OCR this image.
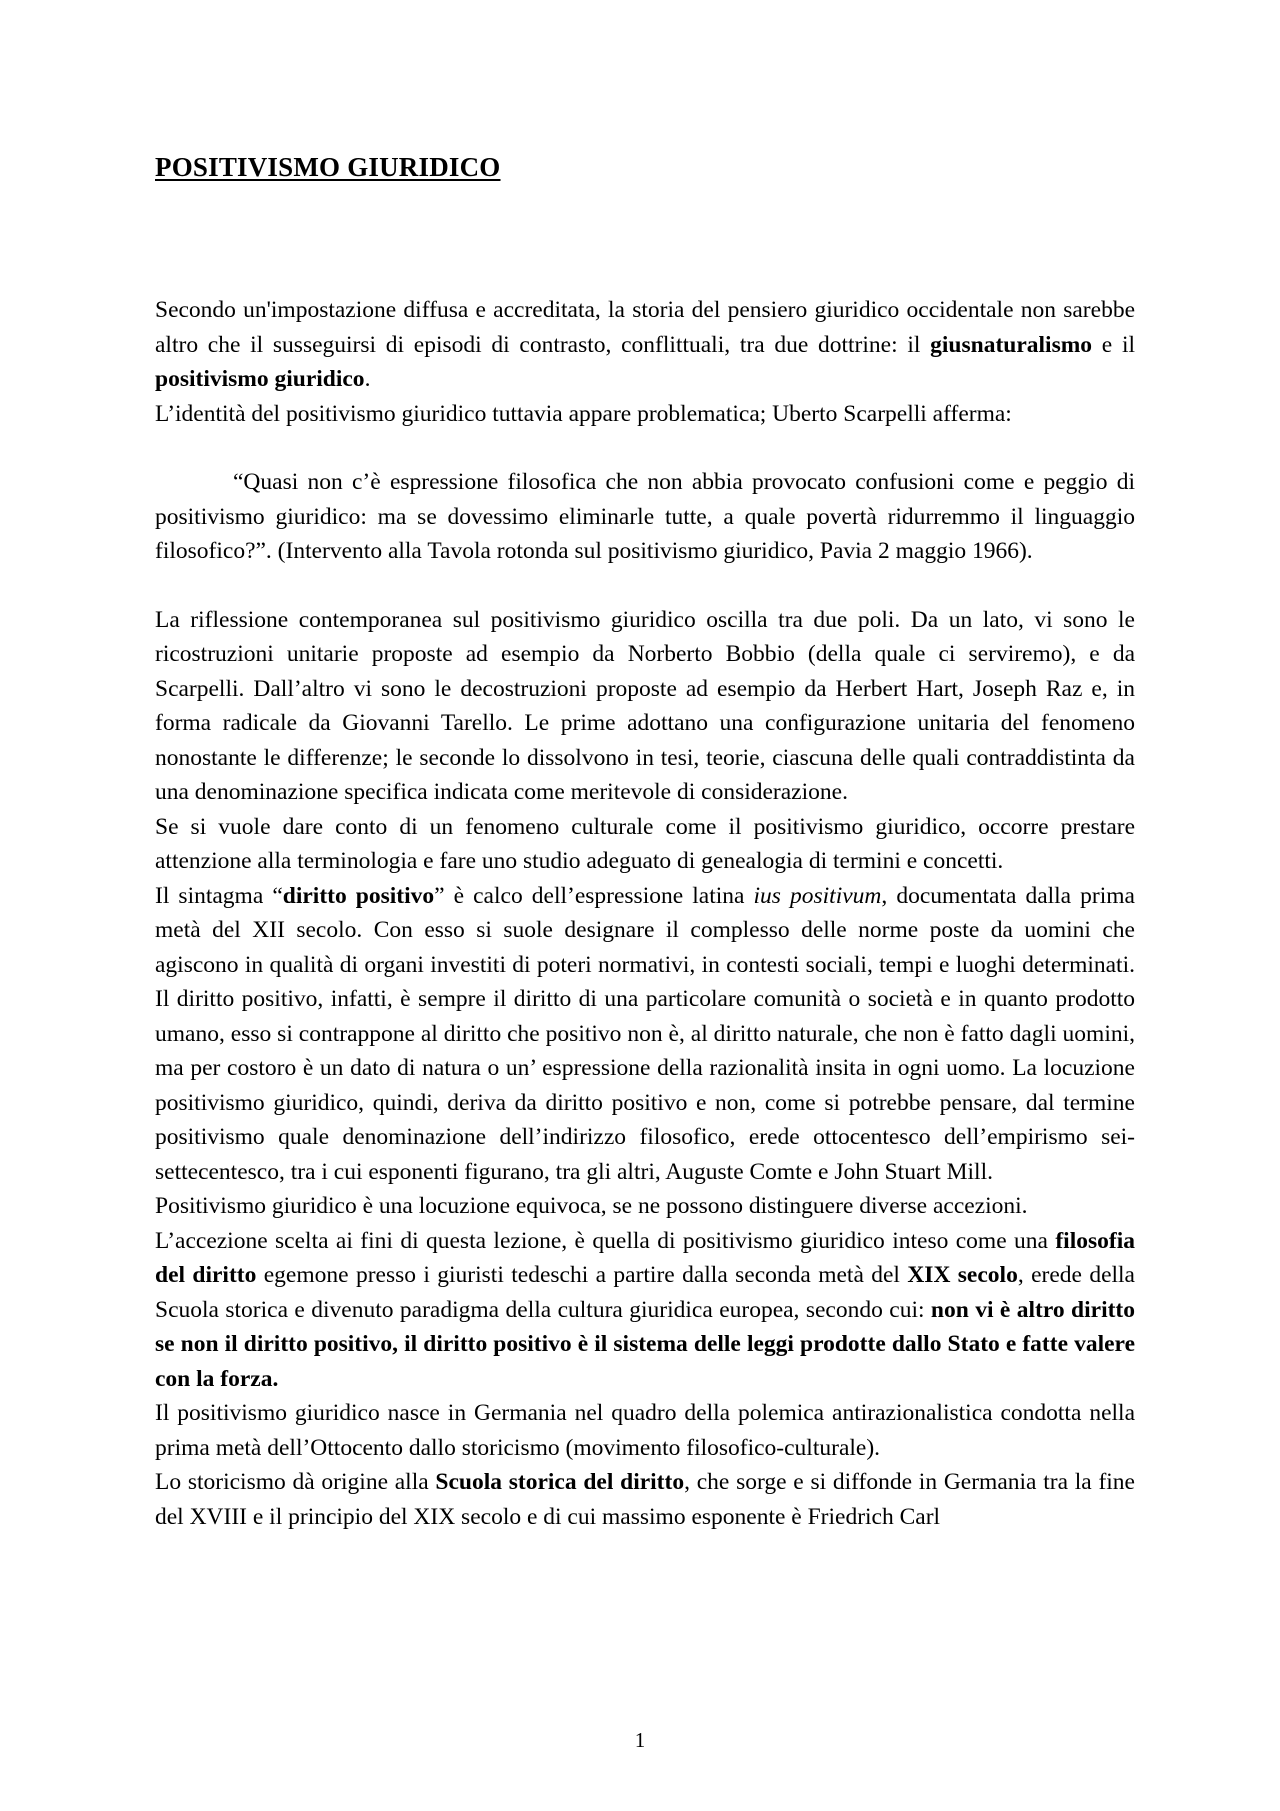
POSITIVISMO GIURIDICO

Secondo un'impostazione diffusa e accreditata, la storia del pensiero giuridico occidentale non sarebbe altro che il susseguirsi di episodi di contrasto, conflittuali, tra due dottrine: il giusnaturalismo e il positivismo giuridico.

L’identità del positivismo giuridico tuttavia appare problematica; Uberto Scarpelli afferma:

“Quasi non c’è espressione filosofica che non abbia provocato confusioni come e peggio di positivismo giuridico: ma se dovessimo eliminarle tutte, a quale povertà ridurremmo il linguaggio filosofico?”. (Intervento alla Tavola rotonda sul positivismo giuridico, Pavia 2 maggio 1966).

La riflessione contemporanea sul positivismo giuridico oscilla tra due poli. Da un lato, vi sono le ricostruzioni unitarie proposte ad esempio da Norberto Bobbio (della quale ci serviremo), e da Scarpelli. Dall’altro vi sono le decostruzioni proposte ad esempio da Herbert Hart, Joseph Raz e, in forma radicale da Giovanni Tarello. Le prime adottano una configurazione unitaria del fenomeno nonostante le differenze; le seconde lo dissolvono in tesi, teorie, ciascuna delle quali contraddistinta da una denominazione specifica indicata come meritevole di considerazione.

Se si vuole dare conto di un fenomeno culturale come il positivismo giuridico, occorre prestare attenzione alla terminologia e fare uno studio adeguato di genealogia di termini e concetti.

Il sintagma “diritto positivo” è calco dell’espressione latina ius positivum, documentata dalla prima metà del XII secolo. Con esso si suole designare il complesso delle norme poste da uomini che agiscono in qualità di organi investiti di poteri normativi, in contesti sociali, tempi e luoghi determinati. Il diritto positivo, infatti, è sempre il diritto di una particolare comunità o società e in quanto prodotto umano, esso si contrappone al diritto che positivo non è, al diritto naturale, che non è fatto dagli uomini, ma per costoro è un dato di natura o un’ espressione della razionalità insita in ogni uomo. La locuzione positivismo giuridico, quindi, deriva da diritto positivo e non, come si potrebbe pensare, dal termine positivismo quale denominazione dell’indirizzo filosofico, erede ottocentesco dell’empirismo sei-settecentesco, tra i cui esponenti figurano, tra gli altri, Auguste Comte e John Stuart Mill.

Positivismo giuridico è una locuzione equivoca, se ne possono distinguere diverse accezioni.

L’accezione scelta ai fini di questa lezione, è quella di positivismo giuridico inteso come una filosofia del diritto egemone presso i giuristi tedeschi a partire dalla seconda metà del XIX secolo, erede della Scuola storica e divenuto paradigma della cultura giuridica europea, secondo cui: non vi è altro diritto se non il diritto positivo, il diritto positivo è il sistema delle leggi prodotte dallo Stato e fatte valere con la forza.

Il positivismo giuridico nasce in Germania nel quadro della polemica antirazionalistica condotta nella prima metà dell’Ottocento dallo storicismo (movimento filosofico-culturale).

Lo storicismo dà origine alla Scuola storica del diritto, che sorge e si diffonde in Germania tra la fine del XVIII e il principio del XIX secolo e di cui massimo esponente è Friedrich Carl

1
